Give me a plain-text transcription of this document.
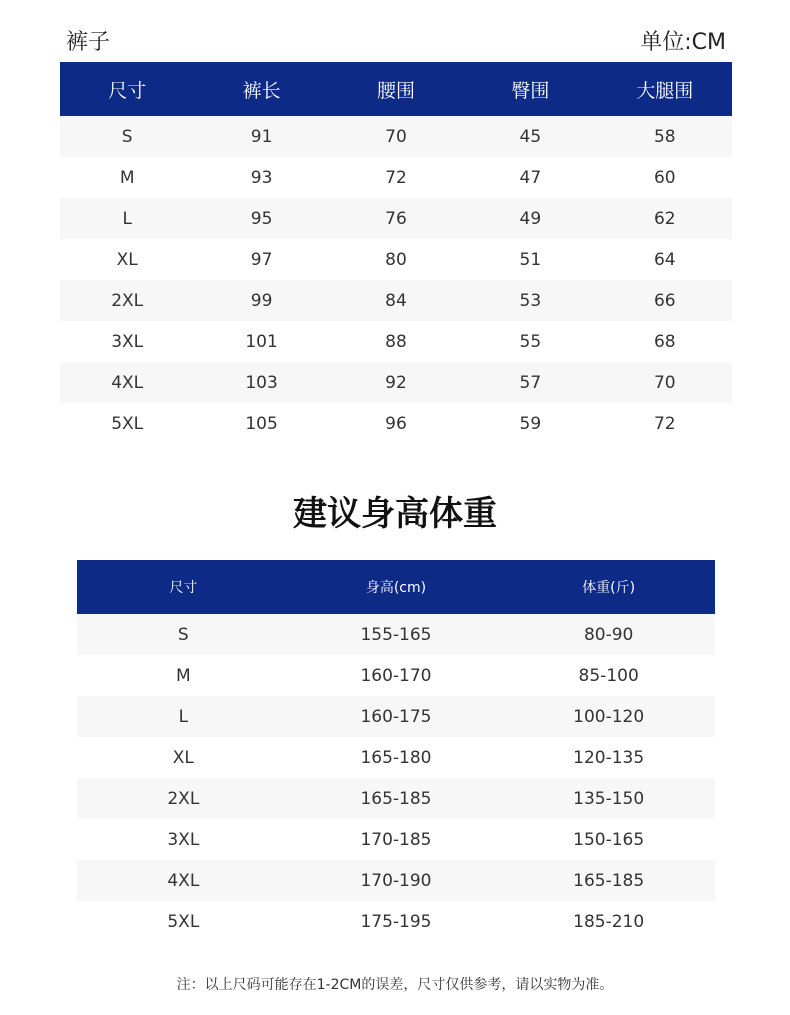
裤子	单位:CM
尺寸	裤长	腰围	臀围	大腿围
S	91	70	45	58
M	93	72	47	60
L	95	76	49	62
XL	97	80	51	64
2XL	99	84	53	66
3XL	101	88	55	68
4XL	103	92	57	70
5XL	105	96	59	72
建议身高体重
尺寸	身高(cm)	体重(斤)
S	155-165	80-90
M	160-170	85-100
L	160-175	100-120
XL	165-180	120-135
2XL	165-185	135-150
3XL	170-185	150-165
4XL	170-190	165-185
5XL	175-195	185-210
注：以上尺码可能存在1-2CM的误差，尺寸仅供参考，请以实物为准。
